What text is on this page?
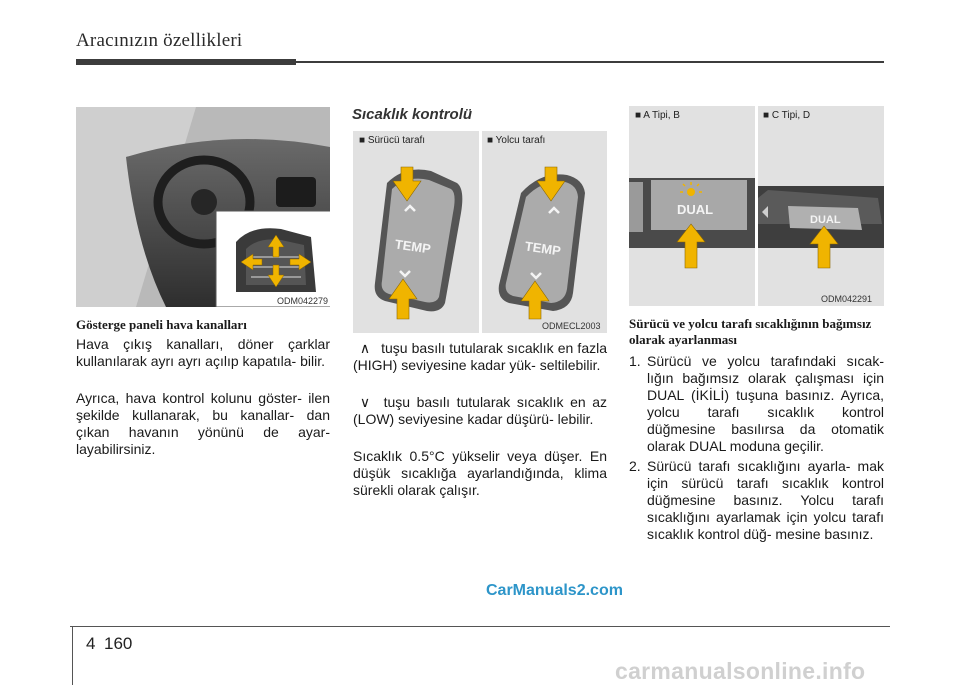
Aracınızın özellikleri
ODM042279
Gösterge paneli hava kanalları
Hava çıkış kanalları, döner çarklar kullanılarak ayrı ayrı açılıp kapatıla- bilir.
Ayrıca, hava kontrol kolunu göster- ilen şekilde kullanarak, bu kanallar- dan çıkan havanın yönünü de ayar- layabilirsiniz.
Sıcaklık kontrolü
■ Sürücü tarafı	■ Yolcu tarafı
TEMP	TEMP
ODMECL2003
∧ tuşu basılı tutularak sıcaklık en fazla (HIGH) seviyesine kadar yük- seltilebilir.
∨ tuşu basılı tutularak sıcaklık en az (LOW) seviyesine kadar düşürü- lebilir.
Sıcaklık 0.5°C yükselir veya düşer. En düşük sıcaklığa ayarlandığında, klima sürekli olarak çalışır.
■ A Tipi, B	■ C Tipi, D
DUAL
DUAL
ODM042291
Sürücü ve yolcu tarafı sıcaklığının bağımsız olarak ayarlanması
1. Sürücü ve yolcu tarafındaki sıcak- lığın bağımsız olarak çalışması için DUAL (İKİLİ) tuşuna basınız. Ayrıca, yolcu tarafı sıcaklık kontrol düğmesine basılırsa da otomatik olarak DUAL moduna geçilir.
2. Sürücü tarafı sıcaklığını ayarla- mak için sürücü tarafı sıcaklık kontrol düğmesine basınız. Yolcu tarafı sıcaklığını ayarlamak için yolcu tarafı sıcaklık kontrol düğ- mesine basınız.
CarManuals2.com
4 160
carmanualsonline.info
